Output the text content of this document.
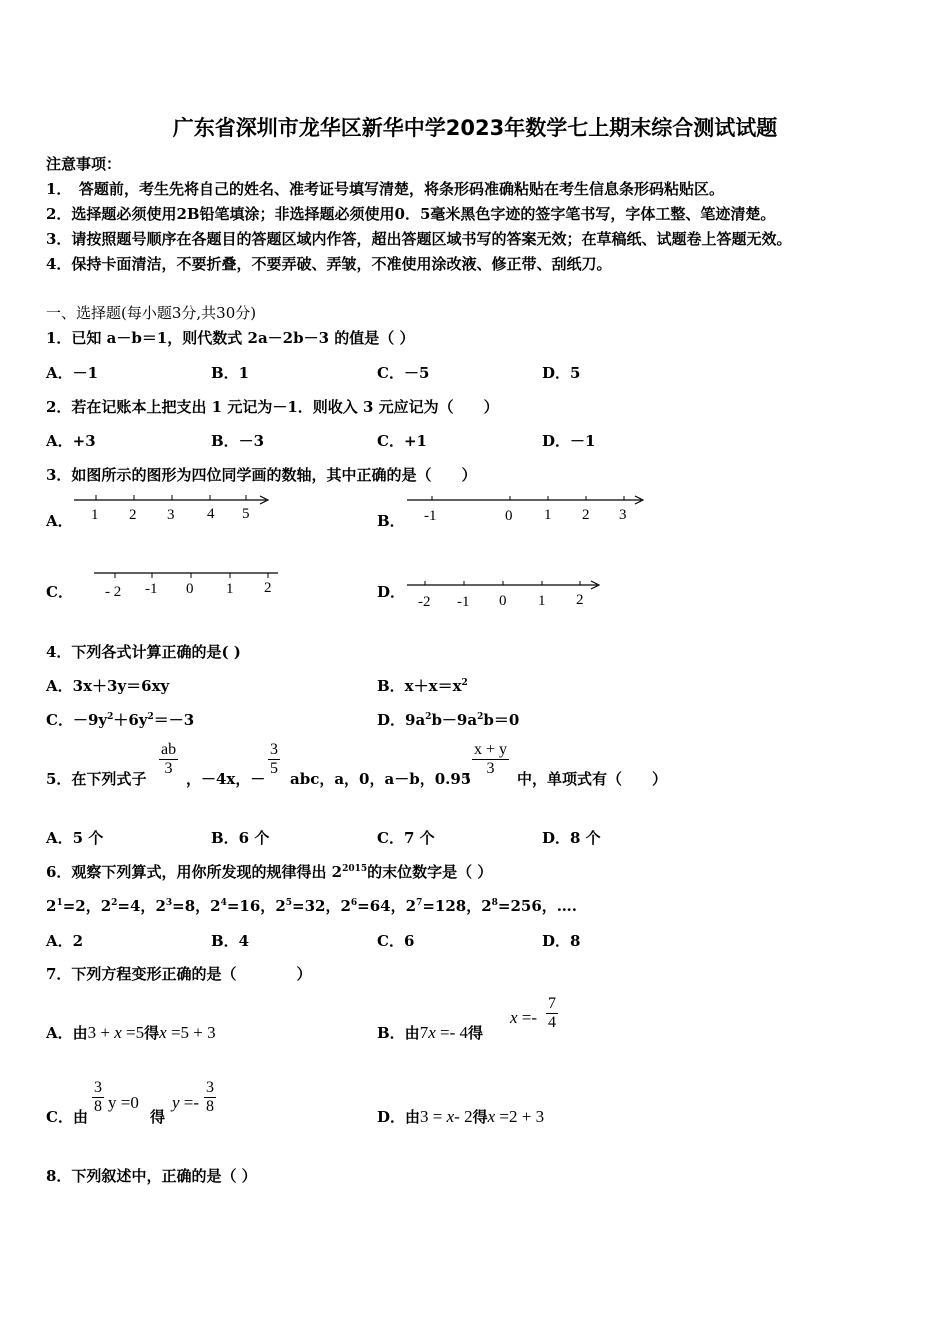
广东省深圳市龙华区新华中学2023年数学七上期末综合测试试题
注意事项：
1．　答题前，考生先将自己的姓名、准考证号填写清楚，将条形码准确粘贴在考生信息条形码粘贴区。
2．选择题必须使用2B铅笔填涂；非选择题必须使用0．5毫米黑色字迹的签字笔书写，字体工整、笔迹清楚。
3．请按照题号顺序在各题目的答题区域内作答，超出答题区域书写的答案无效；在草稿纸、试题卷上答题无效。
4．保持卡面清洁，不要折叠，不要弄破、弄皱，不准使用涂改液、修正带、刮纸刀。
一、选择题(每小题3分,共30分)
1．已知 a－b＝1，则代数式 2a－2b－3 的值是（ ）
A．－1	B．1	C．－5	D．5
2．若在记账本上把支出 1 元记为－1．则收入 3 元应记为（　　）
A．+3	B．－3	C．+1	D．－1
3．如图所示的图形为四位同学画的数轴，其中正确的是（　　）
A．	B．
C．	D．
1 2 3 4 5	-1	0 1 2 3
- 2 -1 0 1 2
-2 -1 0 1 2
4．下列各式计算正确的是( )
A．3x＋3y＝6xy	B．$x+x=x^2$
C．$-9y^2+6y^2=-3$	D．$9a^2b-9a^2b=0$
5．在下列式子
$\frac{ab}{3}$
，－4x，－
$\frac{3}{5}$
abc，a，0，a－b，0.95
，
$\frac{x + y}{3}$
中，单项式有（　　）
A．5 个	B．6 个	C．7 个	D．8 个
6．观察下列算式，用你所发现的规律得出 $2^{2015}$的末位数字是（ ）
$2^1=2$，$2^2=4$，$2^3=8$，$2^4=16$，$2^5=32$，$2^6=64$，$2^7=128$，$2^8=256$，….
A．2	B．4	C．6	D．8
7．下列方程变形正确的是（　　　　）
A．由3 + x =5得x =5 + 3	B．由7x =- 4得
$x =- \frac{7}{4}$
C．由
$\frac{3}{8}$ y =0
得
$y =- \frac{3}{8}$
D．由3 = x- 2得x =2 + 3
8．下列叙述中，正确的是（ ）
